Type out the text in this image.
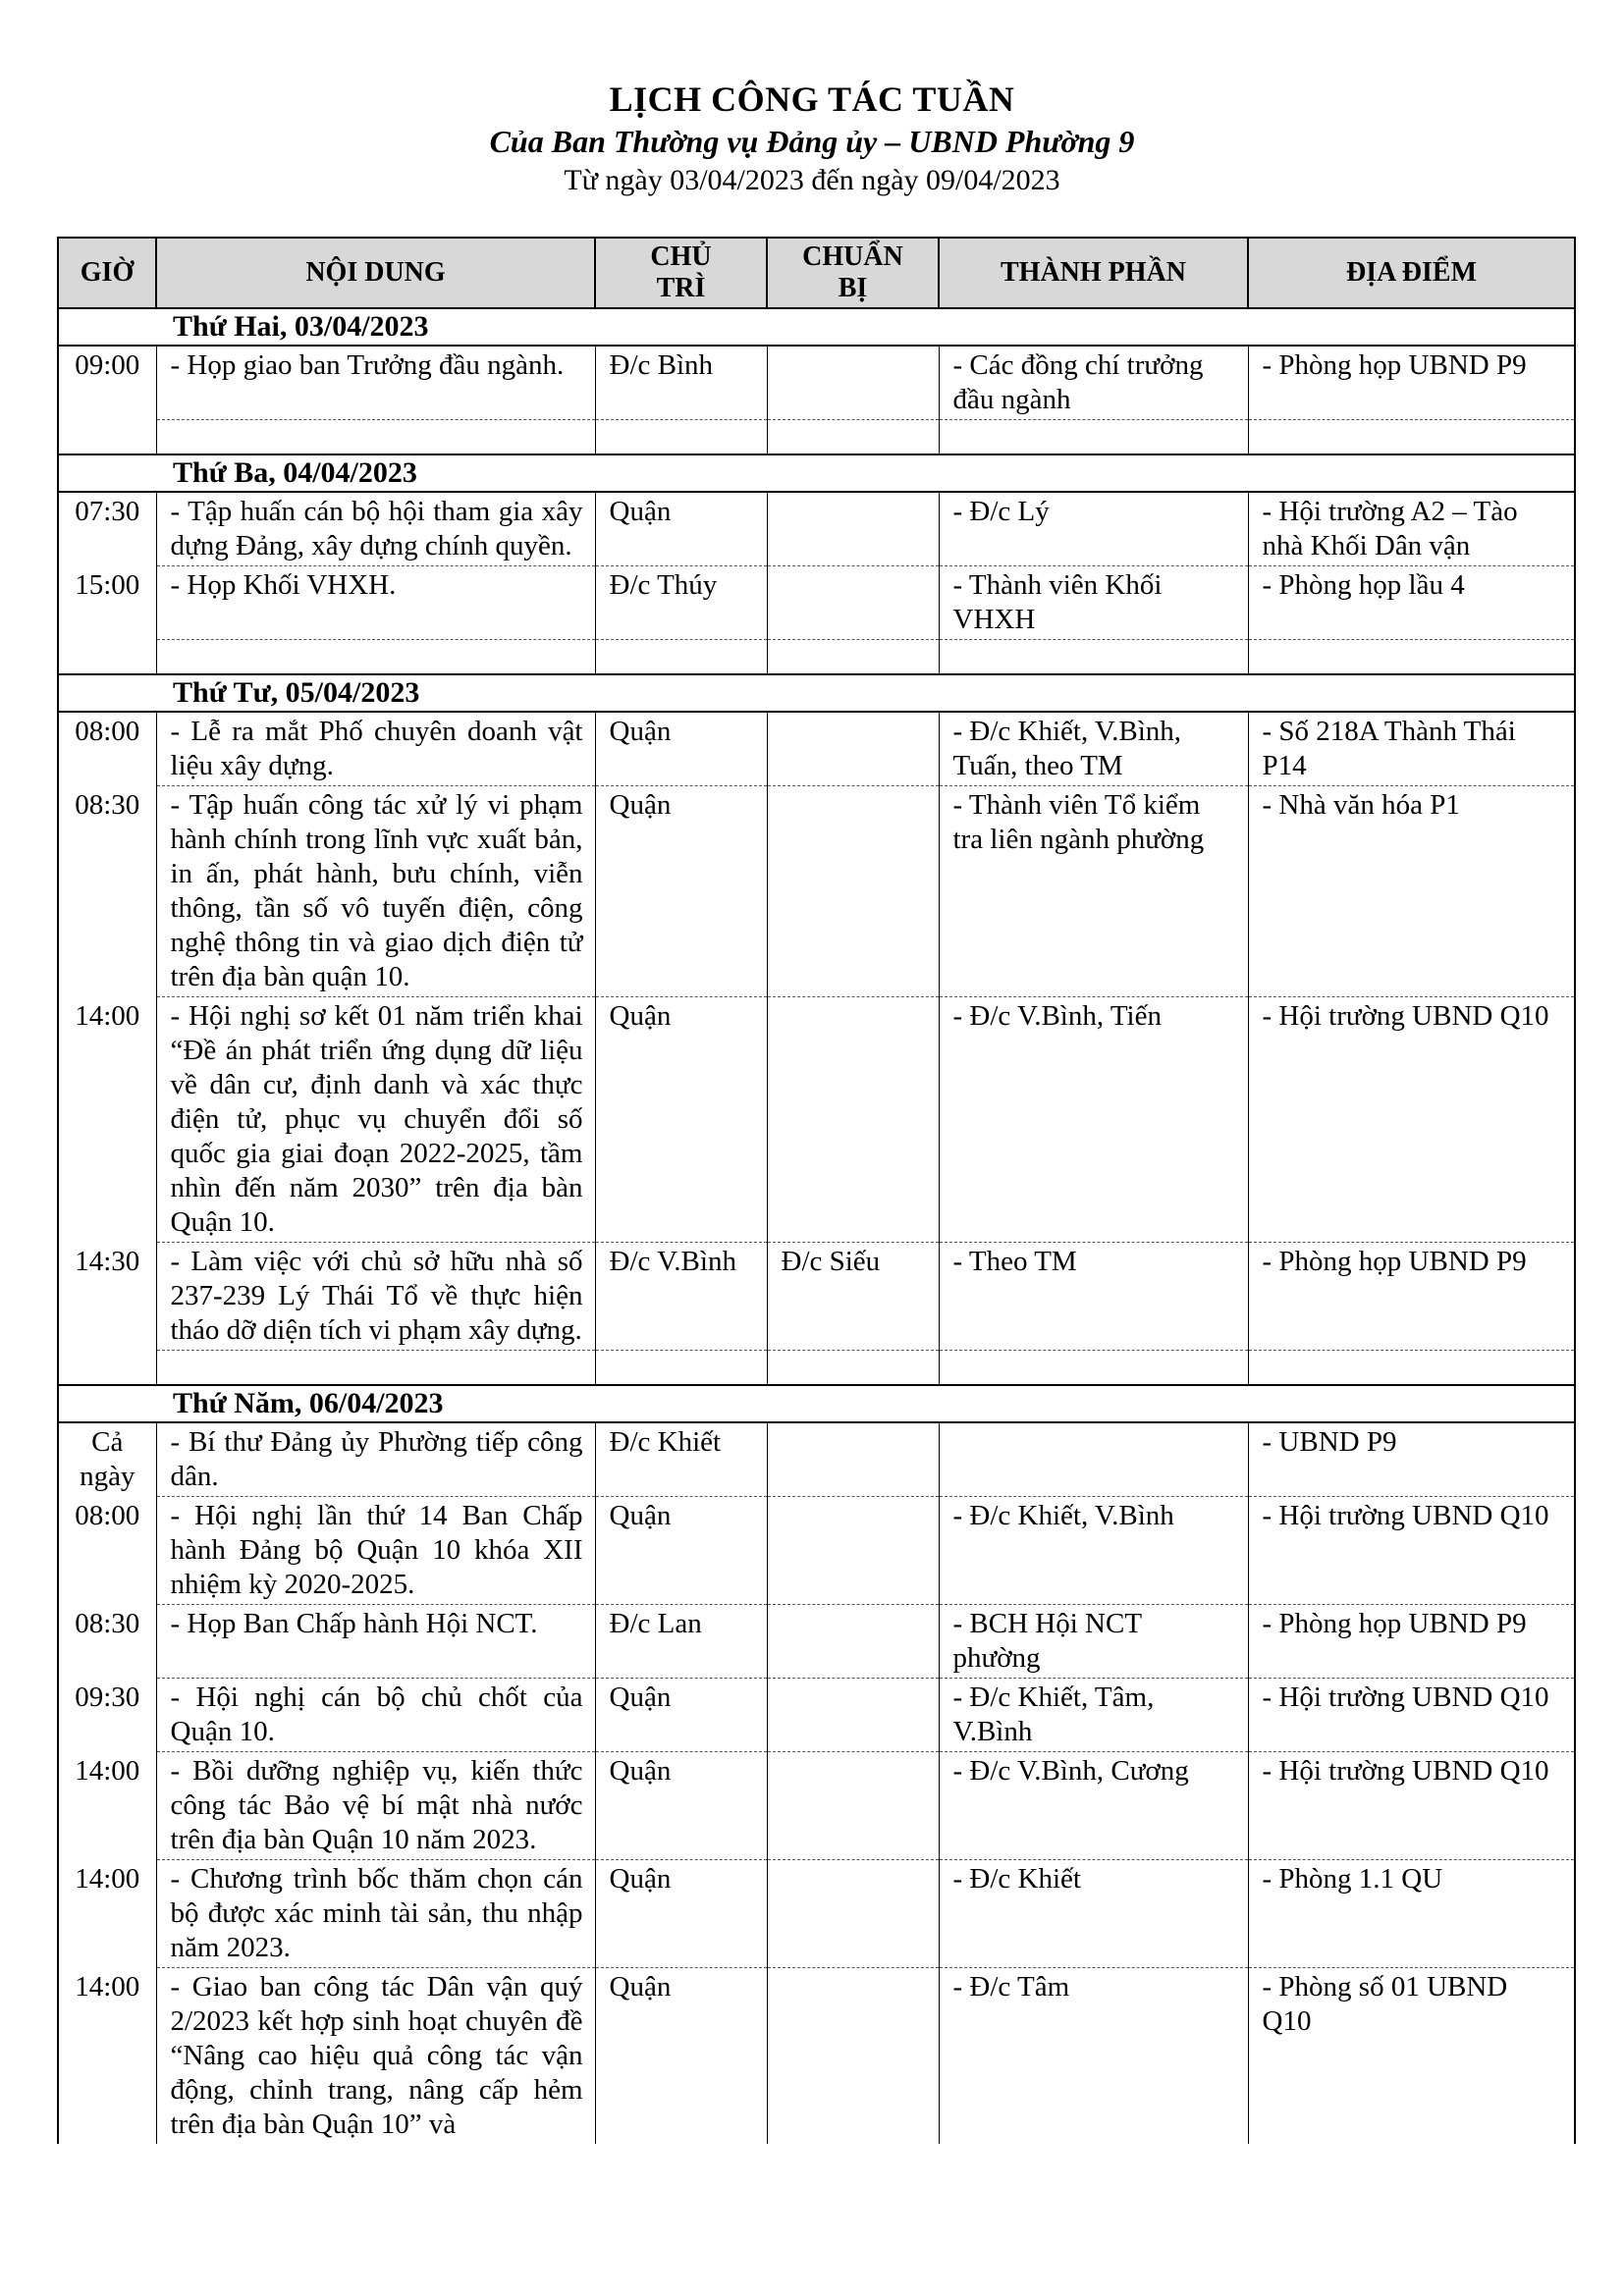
LỊCH CÔNG TÁC TUẦN
Của Ban Thường vụ Đảng ủy – UBND Phường 9
Từ ngày 03/04/2023 đến ngày 09/04/2023
GIỜ	NỘI DUNG	CHỦ TRÌ	CHUẨN BỊ	THÀNH PHẦN	ĐỊA ĐIỂM
Thứ Hai, 03/04/2023					
09:00	- Họp giao ban Trưởng đầu ngành.	Đ/c Bình		- Các đồng chí trưởng đầu ngành	- Phòng họp UBND P9

Thứ Ba, 04/04/2023					
07:30	- Tập huấn cán bộ hội tham gia xây dựng Đảng, xây dựng chính quyền.	Quận		- Đ/c Lý	- Hội trường A2 – Tào nhà Khối Dân vận
15:00	- Họp Khối VHXH.	Đ/c Thúy		- Thành viên Khối VHXH	- Phòng họp lầu 4

Thứ Tư, 05/04/2023					
08:00	- Lễ ra mắt Phố chuyên doanh vật liệu xây dựng.	Quận		- Đ/c Khiết, V.Bình, Tuấn, theo TM	- Số 218A Thành Thái P14
08:30	- Tập huấn công tác xử lý vi phạm hành chính trong lĩnh vực xuất bản, in ấn, phát hành, bưu chính, viễn thông, tần số vô tuyến điện, công nghệ thông tin và giao dịch điện tử trên địa bàn quận 10.	Quận		- Thành viên Tổ kiểm tra liên ngành phường	- Nhà văn hóa P1
14:00	- Hội nghị sơ kết 01 năm triển khai “Đề án phát triển ứng dụng dữ liệu về dân cư, định danh và xác thực điện tử, phục vụ chuyển đổi số quốc gia giai đoạn 2022-2025, tầm nhìn đến năm 2030” trên địa bàn Quận 10.	Quận		- Đ/c V.Bình, Tiến	- Hội trường UBND Q10
14:30	- Làm việc với chủ sở hữu nhà số 237-239 Lý Thái Tổ về thực hiện tháo dỡ diện tích vi phạm xây dựng.	Đ/c V.Bình	Đ/c Siếu	- Theo TM	- Phòng họp UBND P9

Thứ Năm, 06/04/2023					
Cả ngày	- Bí thư Đảng ủy Phường tiếp công dân.	Đ/c Khiết			- UBND P9
08:00	- Hội nghị lần thứ 14 Ban Chấp hành Đảng bộ Quận 10 khóa XII nhiệm kỳ 2020-2025.	Quận		- Đ/c Khiết, V.Bình	- Hội trường UBND Q10
08:30	- Họp Ban Chấp hành Hội NCT.	Đ/c Lan		- BCH Hội NCT phường	- Phòng họp UBND P9
09:30	- Hội nghị cán bộ chủ chốt của Quận 10.	Quận		- Đ/c Khiết, Tâm, V.Bình	- Hội trường UBND Q10
14:00	- Bồi dưỡng nghiệp vụ, kiến thức công tác Bảo vệ bí mật nhà nước trên địa bàn Quận 10 năm 2023.	Quận		- Đ/c V.Bình, Cương	- Hội trường UBND Q10
14:00	- Chương trình bốc thăm chọn cán bộ được xác minh tài sản, thu nhập năm 2023.	Quận		- Đ/c Khiết	- Phòng 1.1 QU
14:00	- Giao ban công tác Dân vận quý 2/2023 kết hợp sinh hoạt chuyên đề “Nâng cao hiệu quả công tác vận động, chỉnh trang, nâng cấp hẻm trên địa bàn Quận 10” và	Quận		- Đ/c Tâm	- Phòng số 01 UBND Q10
